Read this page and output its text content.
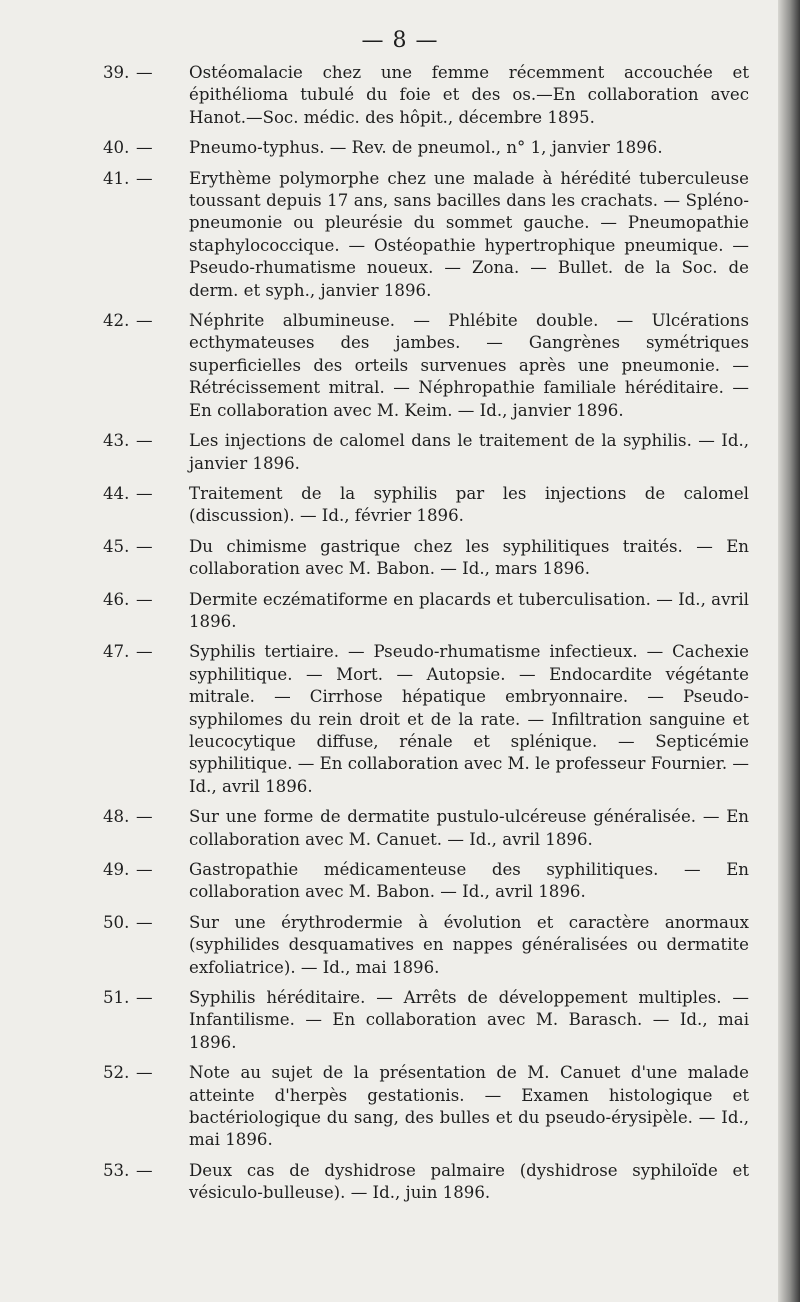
— 8 —
39. — Ostéomalacie chez une femme récemment accouchée et épithélioma tubulé du foie et des os.—En collaboration avec Hanot.—Soc. médic. des hôpit., décembre 1895.
40. — Pneumo-typhus. — Rev. de pneumol., n° 1, janvier 1896.
41. — Erythème polymorphe chez une malade à hérédité tuberculeuse toussant depuis 17 ans, sans bacilles dans les crachats. — Spléno-pneumonie ou pleurésie du sommet gauche. — Pneumopathie staphylococcique. — Ostéopathie hypertrophique pneumique. — Pseudo-rhumatisme noueux. — Zona. — Bullet. de la Soc. de derm. et syph., janvier 1896.
42. — Néphrite albumineuse. — Phlébite double. — Ulcérations ecthymateuses des jambes. — Gangrènes symétriques superficielles des orteils survenues après une pneumonie. — Rétrécissement mitral. — Néphropathie familiale héréditaire. — En collaboration avec M. Keim. — Id., janvier 1896.
43. — Les injections de calomel dans le traitement de la syphilis. — Id., janvier 1896.
44. — Traitement de la syphilis par les injections de calomel (discussion). — Id., février 1896.
45. — Du chimisme gastrique chez les syphilitiques traités. — En collaboration avec M. Babon. — Id., mars 1896.
46. — Dermite eczématiforme en placards et tuberculisation. — Id., avril 1896.
47. — Syphilis tertiaire. — Pseudo-rhumatisme infectieux. — Cachexie syphilitique. — Mort. — Autopsie. — Endocardite végétante mitrale. — Cirrhose hépatique embryonnaire. — Pseudo-syphilomes du rein droit et de la rate. — Infiltration sanguine et leucocytique diffuse, rénale et splénique. — Septicémie syphilitique. — En collaboration avec M. le professeur Fournier. — Id., avril 1896.
48. — Sur une forme de dermatite pustulo-ulcéreuse généralisée. — En collaboration avec M. Canuet. — Id., avril 1896.
49. — Gastropathie médicamenteuse des syphilitiques. — En collaboration avec M. Babon. — Id., avril 1896.
50. — Sur une érythrodermie à évolution et caractère anormaux (syphilides desquamatives en nappes généralisées ou dermatite exfoliatrice). — Id., mai 1896.
51. — Syphilis héréditaire. — Arrêts de développement multiples. — Infantilisme. — En collaboration avec M. Barasch. — Id., mai 1896.
52. — Note au sujet de la présentation de M. Canuet d'une malade atteinte d'herpès gestationis. — Examen histologique et bactériologique du sang, des bulles et du pseudo-érysipèle. — Id., mai 1896.
53. — Deux cas de dyshidrose palmaire (dyshidrose syphiloïde et vésiculo-bulleuse). — Id., juin 1896.
